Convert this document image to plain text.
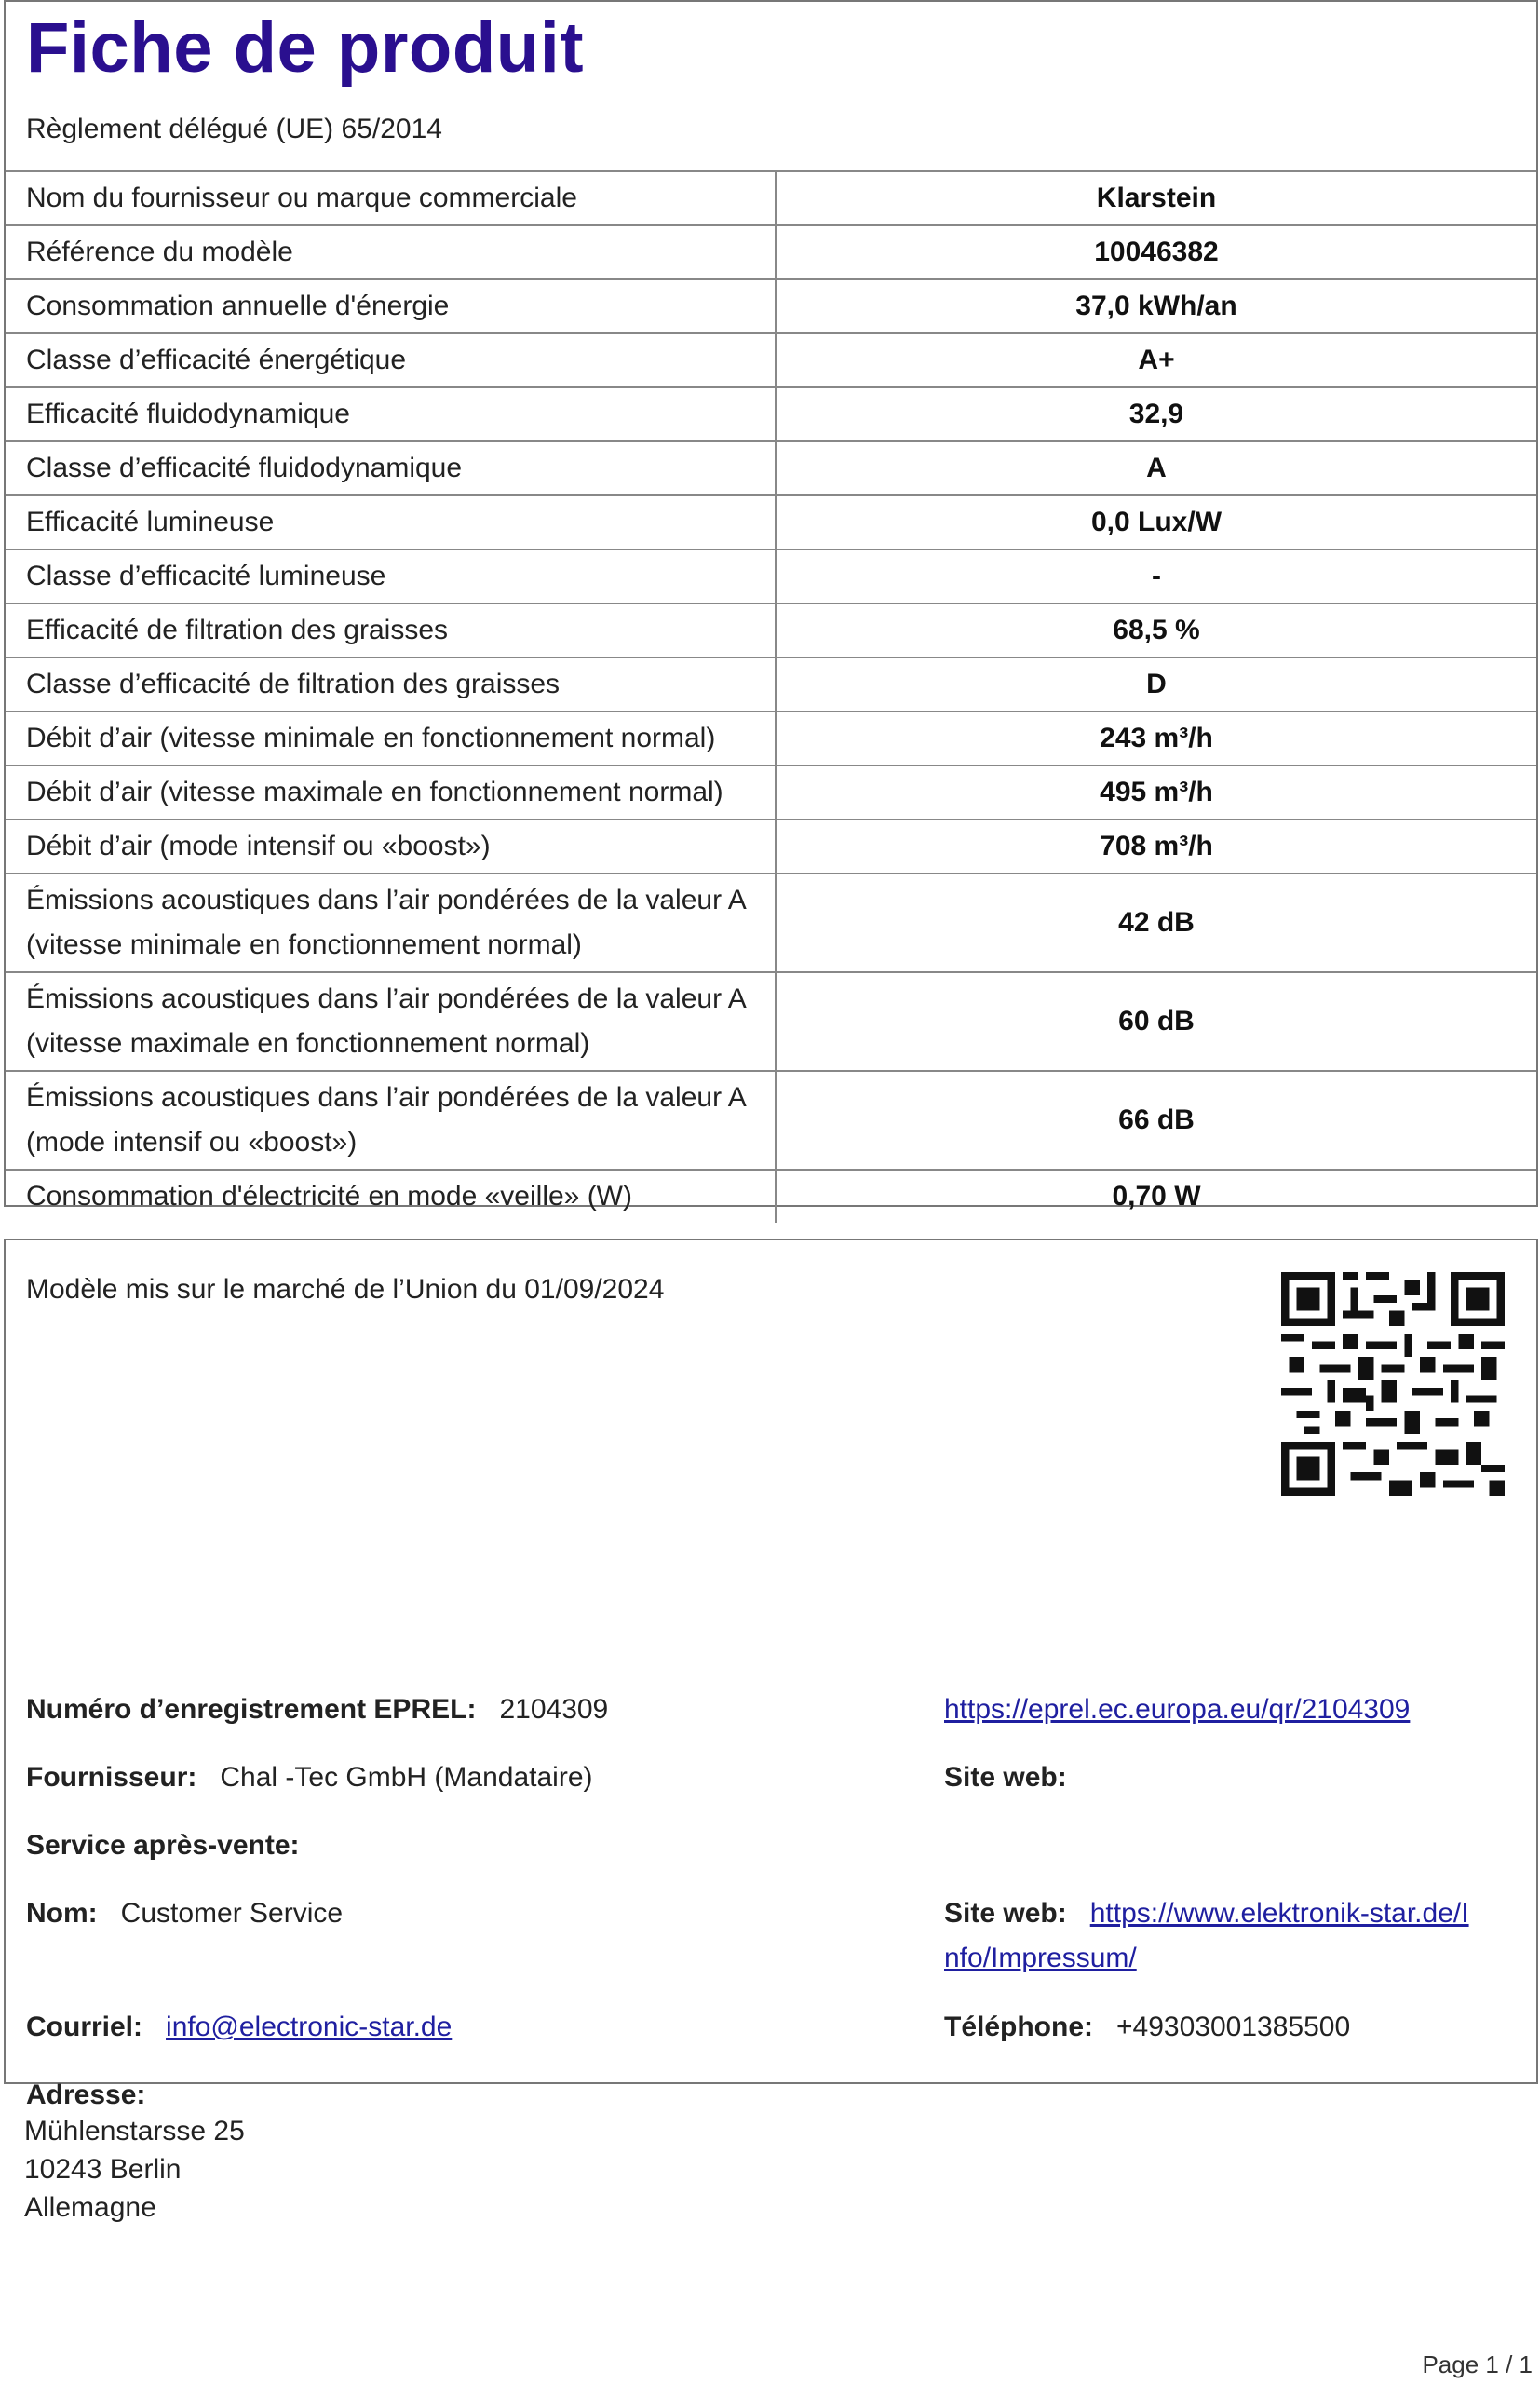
Fiche de produit
Règlement délégué (UE) 65/2014
Nom du fournisseur ou marque commerciale	Klarstein

Référence du modèle	10046382

Consommation annuelle d'énergie	37,0 kWh/an

Classe d’efficacité énergétique	A+

Efficacité fluidodynamique	32,9

Classe d’efficacité fluidodynamique	A

Efficacité lumineuse	0,0 Lux/W

Classe d’efficacité lumineuse	-

Efficacité de filtration des graisses	68,5 %

Classe d’efficacité de filtration des graisses	D

Débit d’air (vitesse minimale en fonctionnement normal)	243 m³/h

Débit d’air (vitesse maximale en fonctionnement normal)	495 m³/h

Débit d’air (mode intensif ou «boost»)	708 m³/h

Émissions acoustiques dans l’air pondérées de la valeur A
(vitesse minimale en fonctionnement normal)	42 dB

Émissions acoustiques dans l’air pondérées de la valeur A
(vitesse maximale en fonctionnement normal)	60 dB

Émissions acoustiques dans l’air pondérées de la valeur A
(mode intensif ou «boost»)	66 dB

Consommation d'électricité en mode «veille» (W)	0,70 W
Modèle mis sur le marché de l’Union du 01/09/2024
Numéro d’enregistrement EPREL: 2104309	https://eprel.ec.europa.eu/qr/2104309
Fournisseur: Chal -Tec GmbH (Mandataire)	Site web:
Service après-vente:
Nom: Customer Service	Site web: https://www.elektronik-star.de/I
nfo/Impressum/
Courriel: info@electronic-star.de	Téléphone: +49303001385500
Adresse:
Mühlenstarsse 25
10243 Berlin
Allemagne
Page 1 / 1
